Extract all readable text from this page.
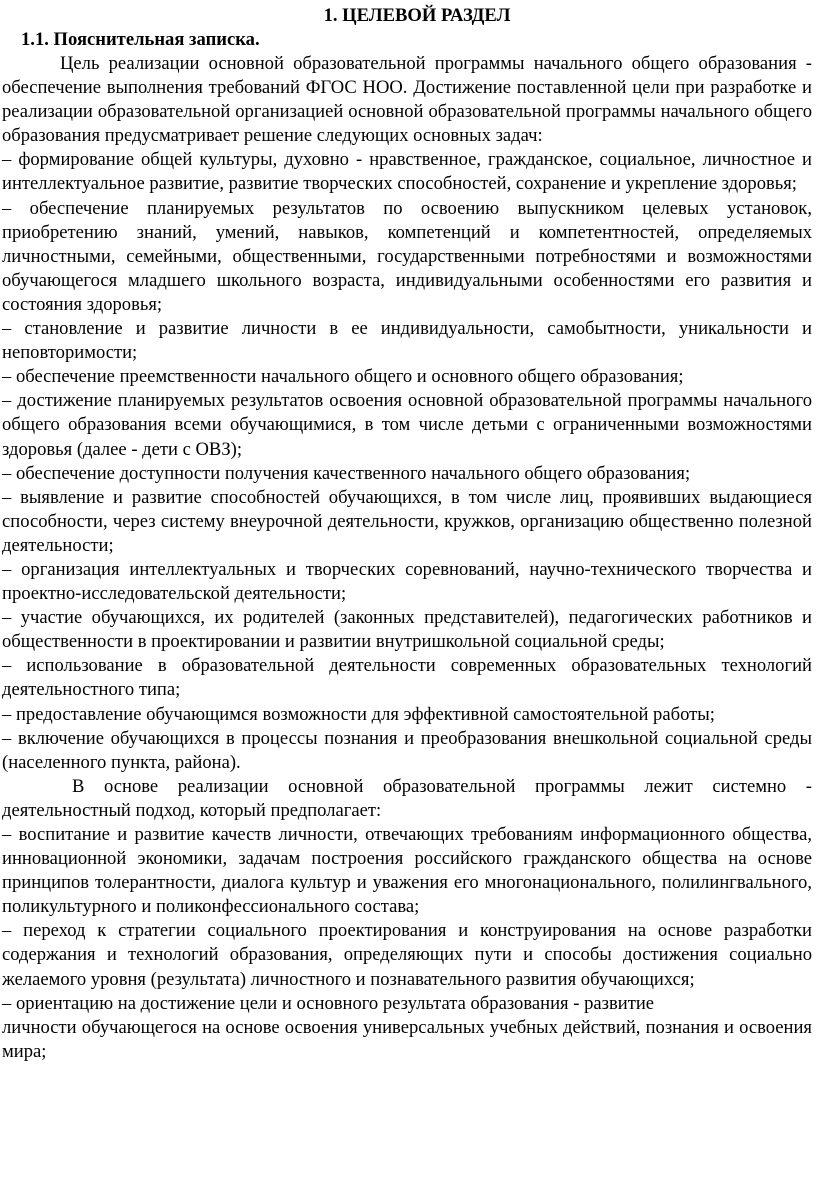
1. ЦЕЛЕВОЙ РАЗДЕЛ
1.1. Пояснительная записка.

Цель реализации основной образовательной программы начального общего образования - обеспечение выполнения требований ФГОС НОО. Достижение поставленной цели при разработке и реализации образовательной организацией основной образовательной программы начального общего образования предусматривает решение следующих основных задач:

– формирование общей культуры, духовно - нравственное, гражданское, социальное, личностное и интеллектуальное развитие, развитие творческих способностей, сохранение и укрепление здоровья;

– обеспечение планируемых результатов по освоению выпускником целевых установок, приобретению знаний, умений, навыков, компетенций и компетентностей, определяемых личностными, семейными, общественными, государственными потребностями и возможностями обучающегося младшего школьного возраста, индивидуальными особенностями его развития и состояния здоровья;

– становление и развитие личности в ее индивидуальности, самобытности, уникальности и неповторимости;

– обеспечение преемственности начального общего и основного общего образования;

– достижение планируемых результатов освоения основной образовательной программы начального общего образования всеми обучающимися, в том числе детьми с ограниченными возможностями здоровья (далее - дети с ОВЗ);

– обеспечение доступности получения качественного начального общего образования;

– выявление и развитие способностей обучающихся, в том числе лиц, проявивших выдающиеся способности, через систему внеурочной деятельности, кружков, организацию общественно полезной деятельности;

– организация интеллектуальных и творческих соревнований, научно-технического творчества и проектно-исследовательской деятельности;

– участие обучающихся, их родителей (законных представителей), педагогических работников и общественности в проектировании и развитии внутришкольной социальной среды;

– использование в образовательной деятельности современных образовательных технологий деятельностного типа;

– предоставление обучающимся возможности для эффективной самостоятельной работы;

– включение обучающихся в процессы познания и преобразования внешкольной социальной среды (населенного пункта, района).

В основе реализации основной образовательной программы лежит системно - деятельностный подход, который предполагает:

– воспитание и развитие качеств личности, отвечающих требованиям информационного общества, инновационной экономики, задачам построения российского гражданского общества на основе принципов толерантности, диалога культур и уважения его многонационального, полилингвального, поликультурного и поликонфессионального состава;

– переход к стратегии социального проектирования и конструирования на основе разработки содержания и технологий образования, определяющих пути и способы достижения социально желаемого уровня (результата) личностного и познавательного развития обучающихся;

– ориентацию на достижение цели и основного результата образования - развитие

личности обучающегося на основе освоения универсальных учебных действий, познания и освоения мира;
